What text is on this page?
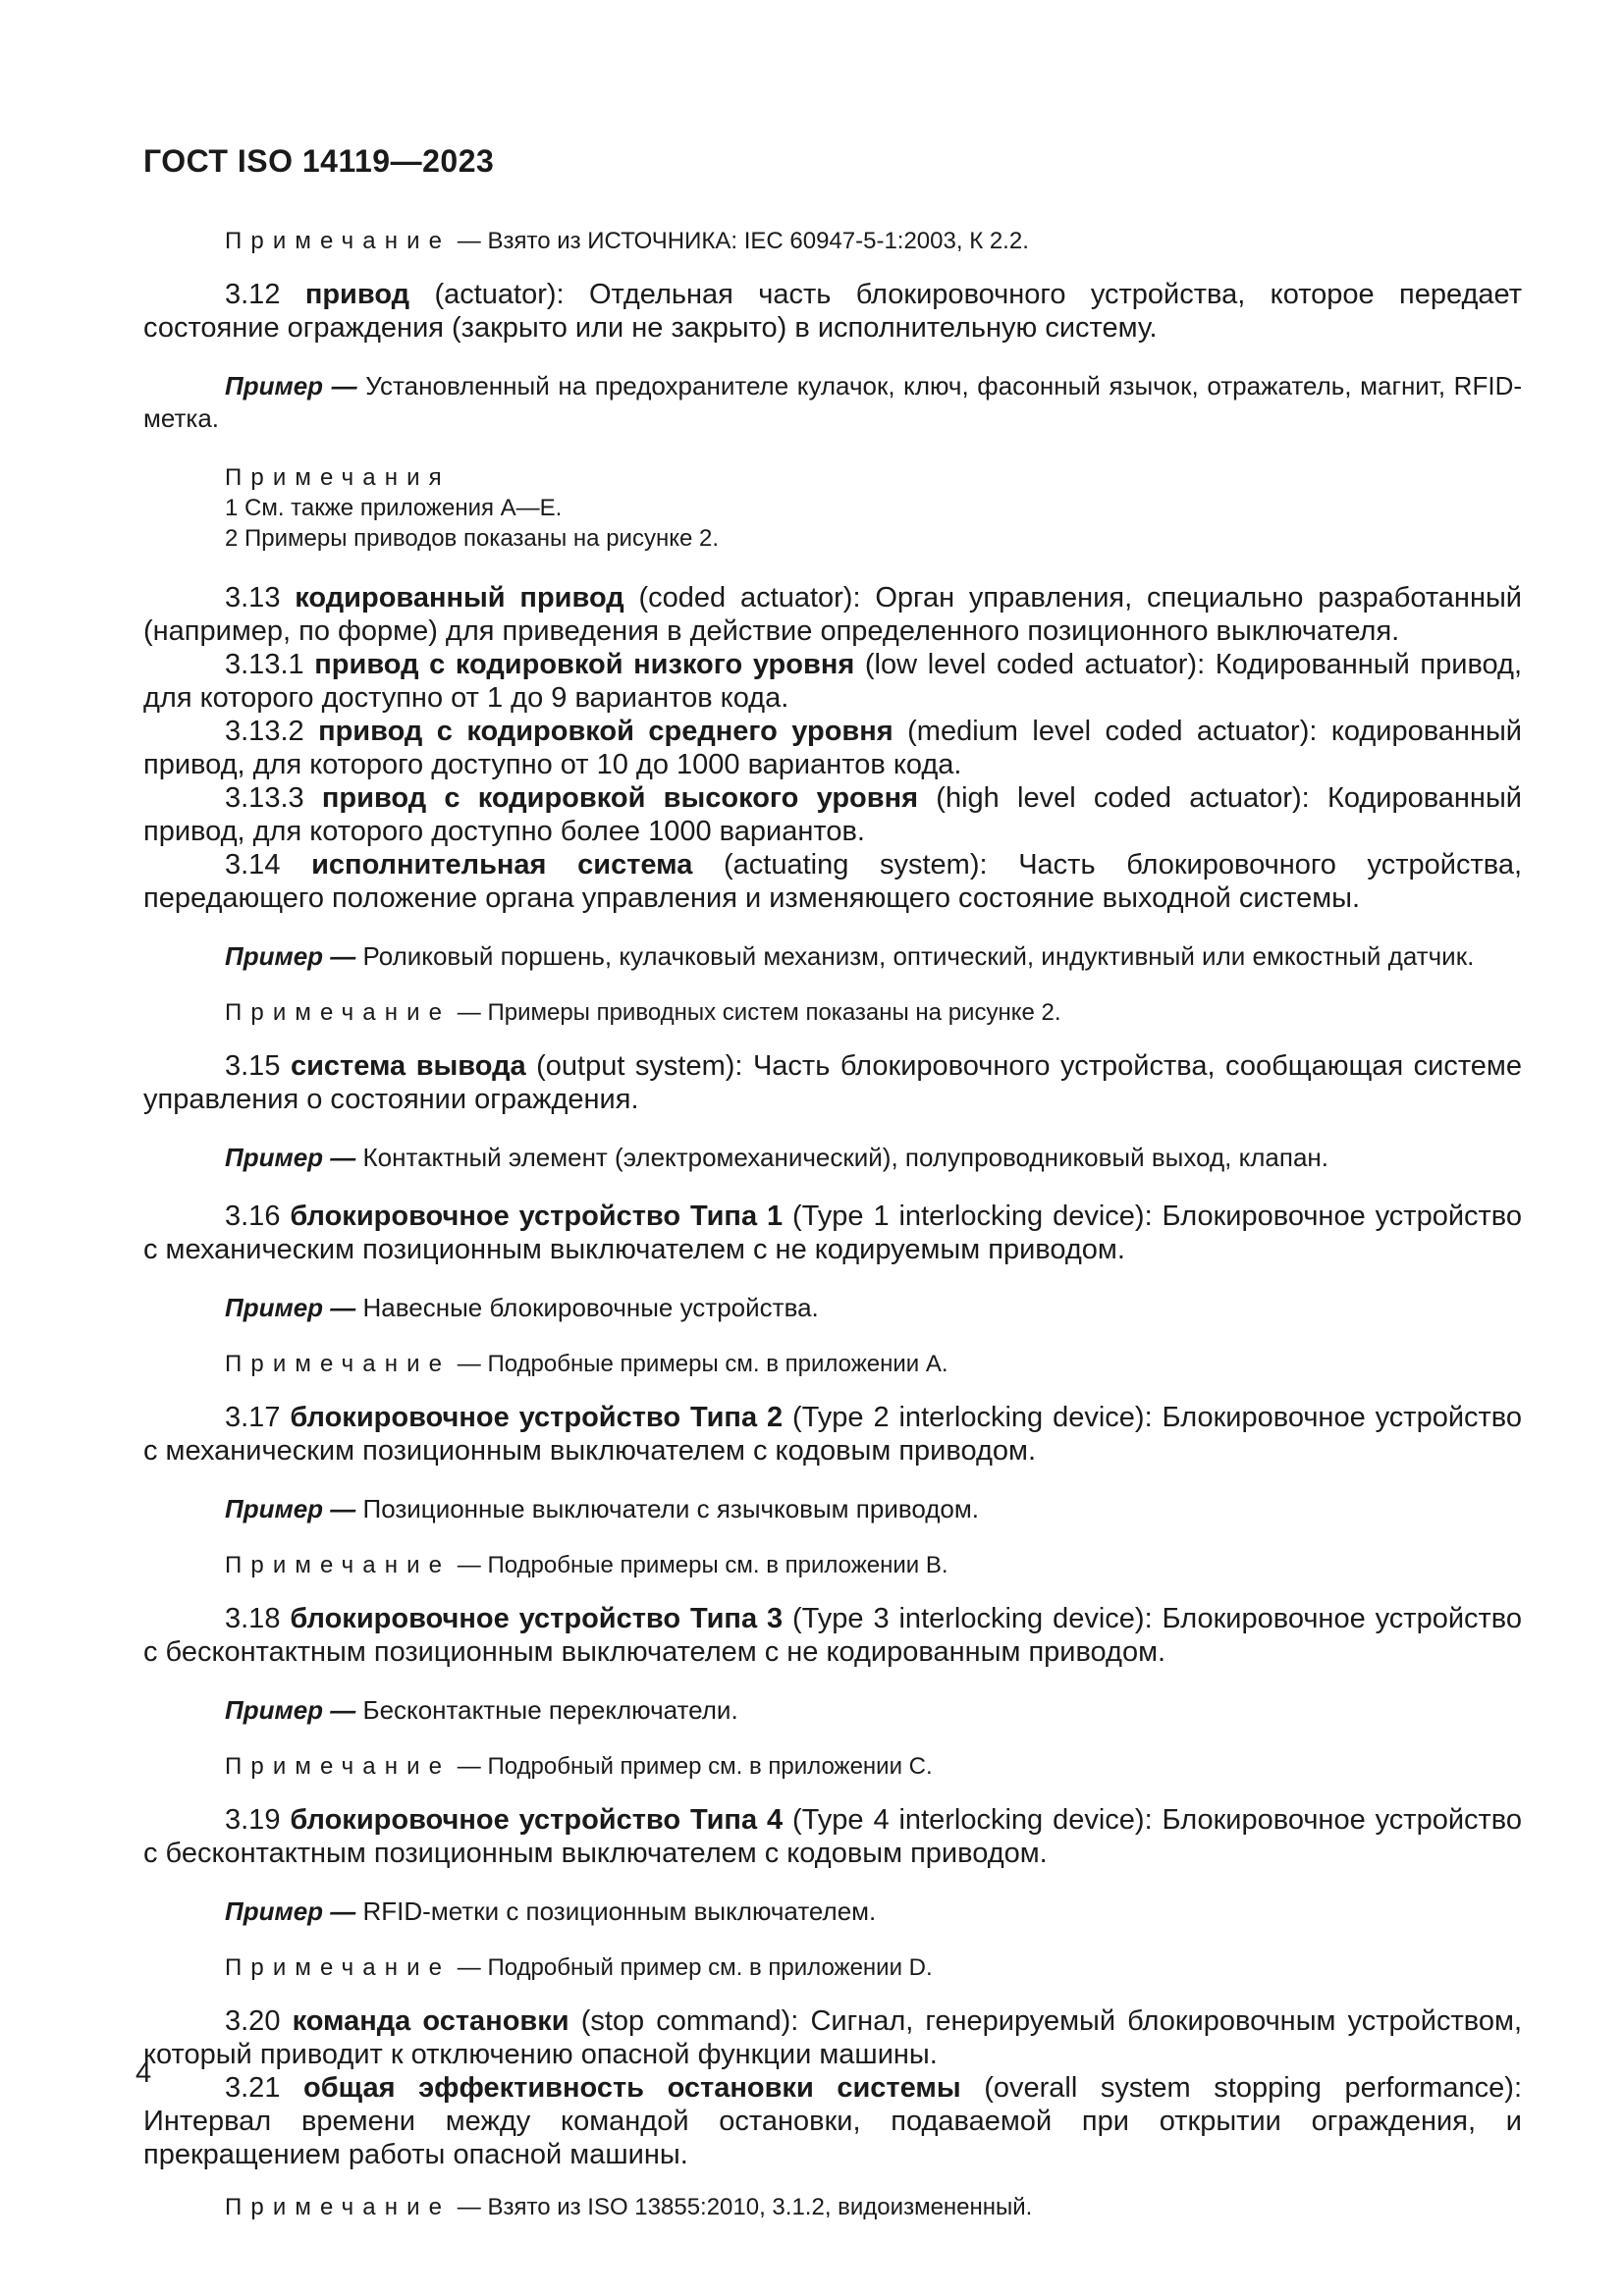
ГОСТ ISO 14119—2023

Примечание — Взято из ИСТОЧНИКА: IEC 60947-5-1:2003, К 2.2.

3.12 привод (actuator): Отдельная часть блокировочного устройства, которое передает состояние ограждения (закрыто или не закрыто) в исполнительную систему.

Пример — Установленный на предохранителе кулачок, ключ, фасонный язычок, отражатель, магнит, RFID-метка.

Примечания
1 См. также приложения А—Е.
2 Примеры приводов показаны на рисунке 2.

3.13 кодированный привод (coded actuator): Орган управления, специально разработанный (например, по форме) для приведения в действие определенного позиционного выключателя.

3.13.1 привод с кодировкой низкого уровня (low level coded actuator): Кодированный привод, для которого доступно от 1 до 9 вариантов кода.

3.13.2 привод с кодировкой среднего уровня (medium level coded actuator): кодированный привод, для которого доступно от 10 до 1000 вариантов кода.

3.13.3 привод с кодировкой высокого уровня (high level coded actuator): Кодированный привод, для которого доступно более 1000 вариантов.

3.14 исполнительная система (actuating system): Часть блокировочного устройства, передающего положение органа управления и изменяющего состояние выходной системы.

Пример — Роликовый поршень, кулачковый механизм, оптический, индуктивный или емкостный датчик.

Примечание — Примеры приводных систем показаны на рисунке 2.

3.15 система вывода (output system): Часть блокировочного устройства, сообщающая системе управления о состоянии ограждения.

Пример — Контактный элемент (электромеханический), полупроводниковый выход, клапан.

3.16 блокировочное устройство Типа 1 (Type 1 interlocking device): Блокировочное устройство с механическим позиционным выключателем с не кодируемым приводом.

Пример — Навесные блокировочные устройства.

Примечание — Подробные примеры см. в приложении А.

3.17 блокировочное устройство Типа 2 (Type 2 interlocking device): Блокировочное устройство с механическим позиционным выключателем с кодовым приводом.

Пример — Позиционные выключатели с язычковым приводом.

Примечание — Подробные примеры см. в приложении В.

3.18 блокировочное устройство Типа 3 (Type 3 interlocking device): Блокировочное устройство с бесконтактным позиционным выключателем с не кодированным приводом.

Пример — Бесконтактные переключатели.

Примечание — Подробный пример см. в приложении С.

3.19 блокировочное устройство Типа 4 (Type 4 interlocking device): Блокировочное устройство с бесконтактным позиционным выключателем с кодовым приводом.

Пример — RFID-метки с позиционным выключателем.

Примечание — Подробный пример см. в приложении D.

3.20 команда остановки (stop command): Сигнал, генерируемый блокировочным устройством, который приводит к отключению опасной функции машины.

3.21 общая эффективность остановки системы (overall system stopping performance): Интервал времени между командой остановки, подаваемой при открытии ограждения, и прекращением работы опасной машины.

Примечание — Взято из ISO 13855:2010, 3.1.2, видоизмененный.

4
